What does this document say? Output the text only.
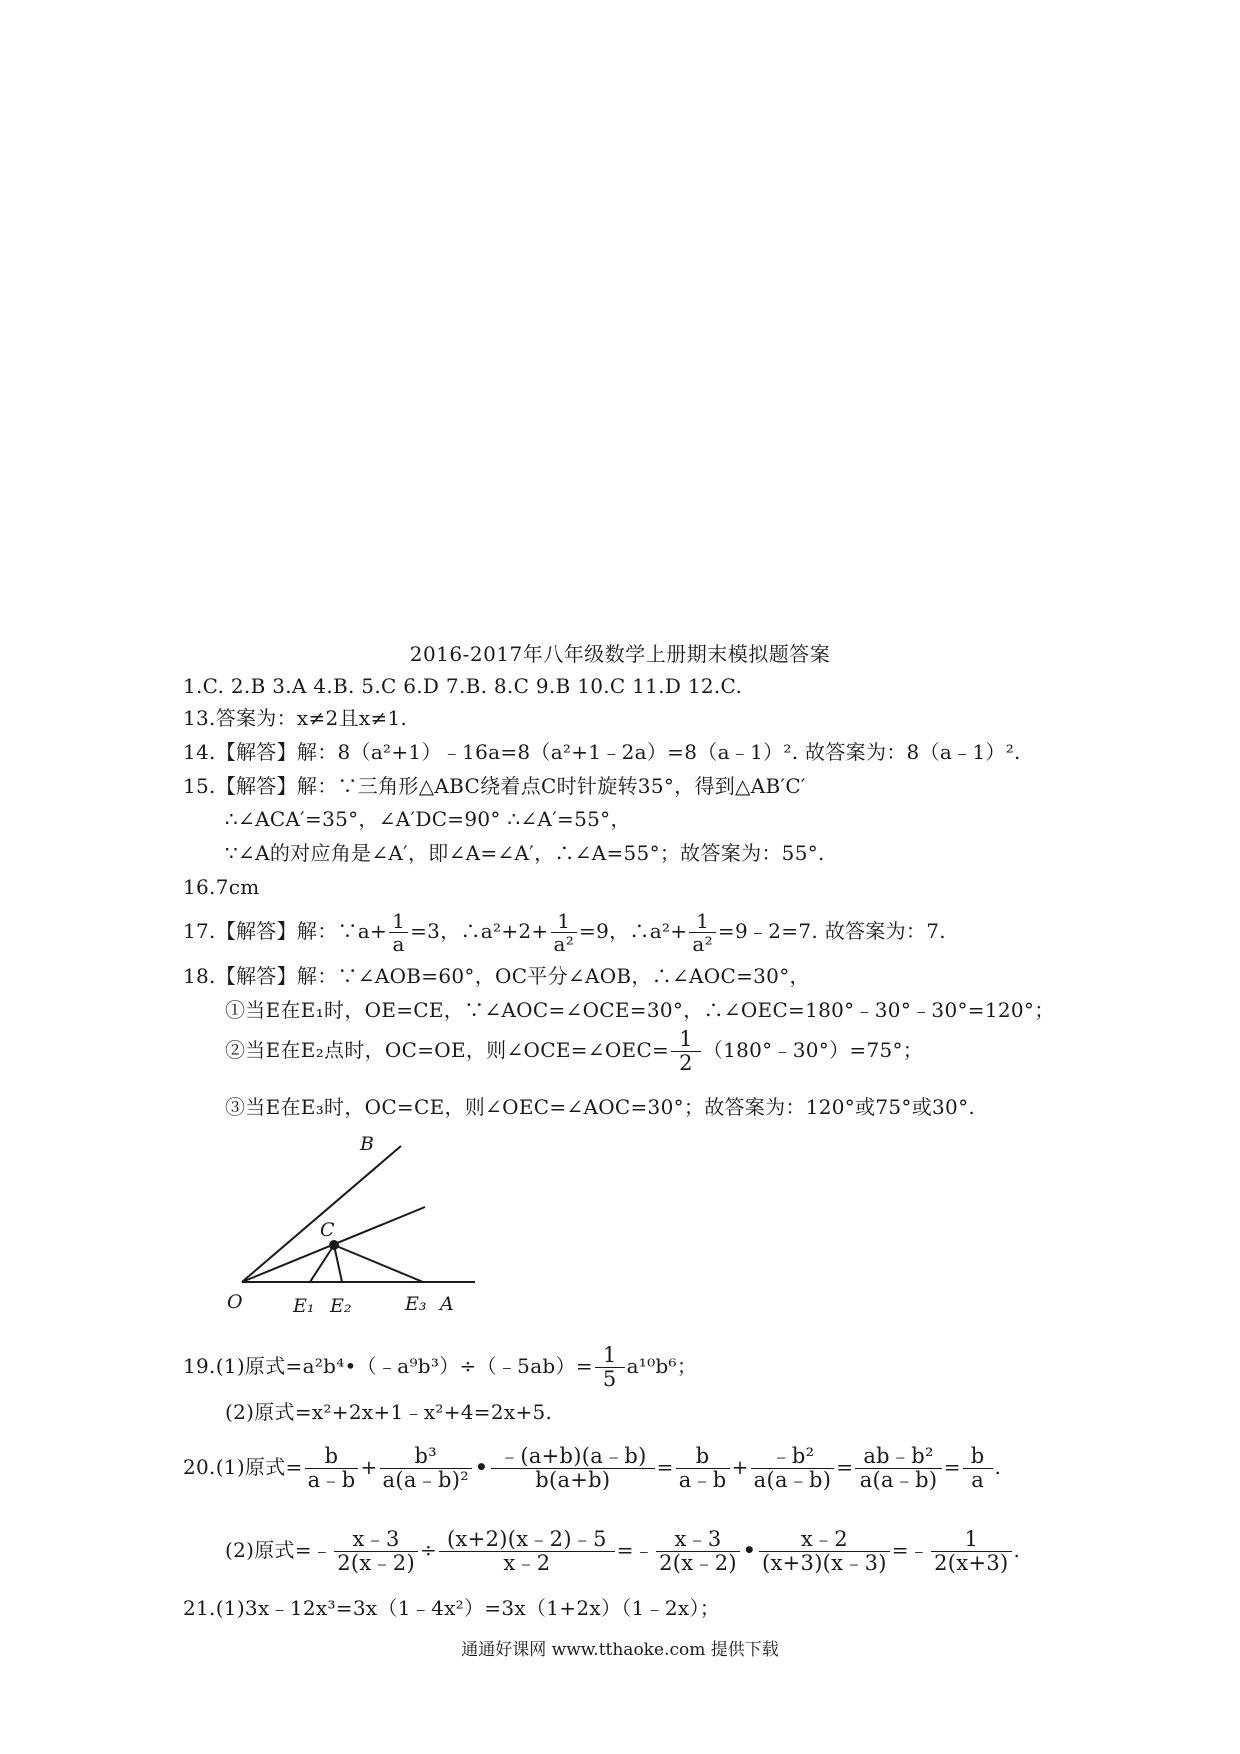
2016-2017年八年级数学上册期末模拟题答案
1.C. 2.B 3.A 4.B. 5.C 6.D 7.B. 8.C 9.B 10.C 11.D 12.C.
13.答案为：x≠2且x≠1.
14.【解答】解：8（a²+1）﹣16a=8（a²+1﹣2a）=8（a﹣1）². 故答案为：8（a﹣1）².
15.【解答】解：∵三角形△ABC绕着点C时针旋转35°，得到△AB′C′
∴∠ACA′=35°，∠A′DC=90° ∴∠A′=55°，
∵∠A的对应角是∠A′，即∠A=∠A′，∴∠A=55°；故答案为：55°.
16.7cm
17.【解答】解：∵a+ $\frac{1}{a} =3$，∴a²+2+ $\frac{1}{\text{a²}} =9$，∴a²+ $\frac{1}{\text{a²}}$ =9﹣2=7. 故答案为：7.
18.【解答】解：∵∠AOB=60°，OC平分∠AOB，∴∠AOC=30°，
①当E在E₁时，OE=CE，∵∠AOC=∠OCE=30°，∴∠OEC=180°﹣30°﹣30°=120°；
②当E在E₂点时，OC=OE，则∠OCE=∠OEC= $\frac{1}{2}$ （180°﹣30°）=75°；
③当E在E₃时，OC=CE，则∠OEC=∠AOC=30°；故答案为：120°或75°或30°.
B
C
O	E₁ E₂	E₃ A
19.(1)原式=a²b⁴•（﹣a⁹b³）÷（﹣5ab）= $\frac{1}{5} a^{10}b^6$；
(2)原式=x²+2x+1﹣x²+4=2x+5.
20.(1)原式= $\frac{b}{a﹣b} + \frac{\text{b³}}{\text{a(a﹣b)²}}$ • $\frac{﹣(a+b)(a﹣b)}{b(a+b)} = \frac{b}{a﹣b} + \frac{\text{﹣b²}}{a(a﹣b)} = \frac{\text{ab﹣b²}}{a(a﹣b)} = \frac{b}{a}$ .
(2)原式=﹣ $\frac{x﹣3}{2(x﹣2)} \div \frac{(x+2)(x﹣2)﹣5}{x﹣2}$ =﹣ $\frac{x﹣3}{2(x﹣2)}$ • $\frac{x﹣2}{(x+3)(x﹣3)}$ =﹣ $\frac{1}{2(x+3)}$ .
21.(1)3x﹣12x³=3x（1﹣4x²）=3x（1+2x）（1﹣2x）；
通通好课网 www.tthaoke.com 提供下载
